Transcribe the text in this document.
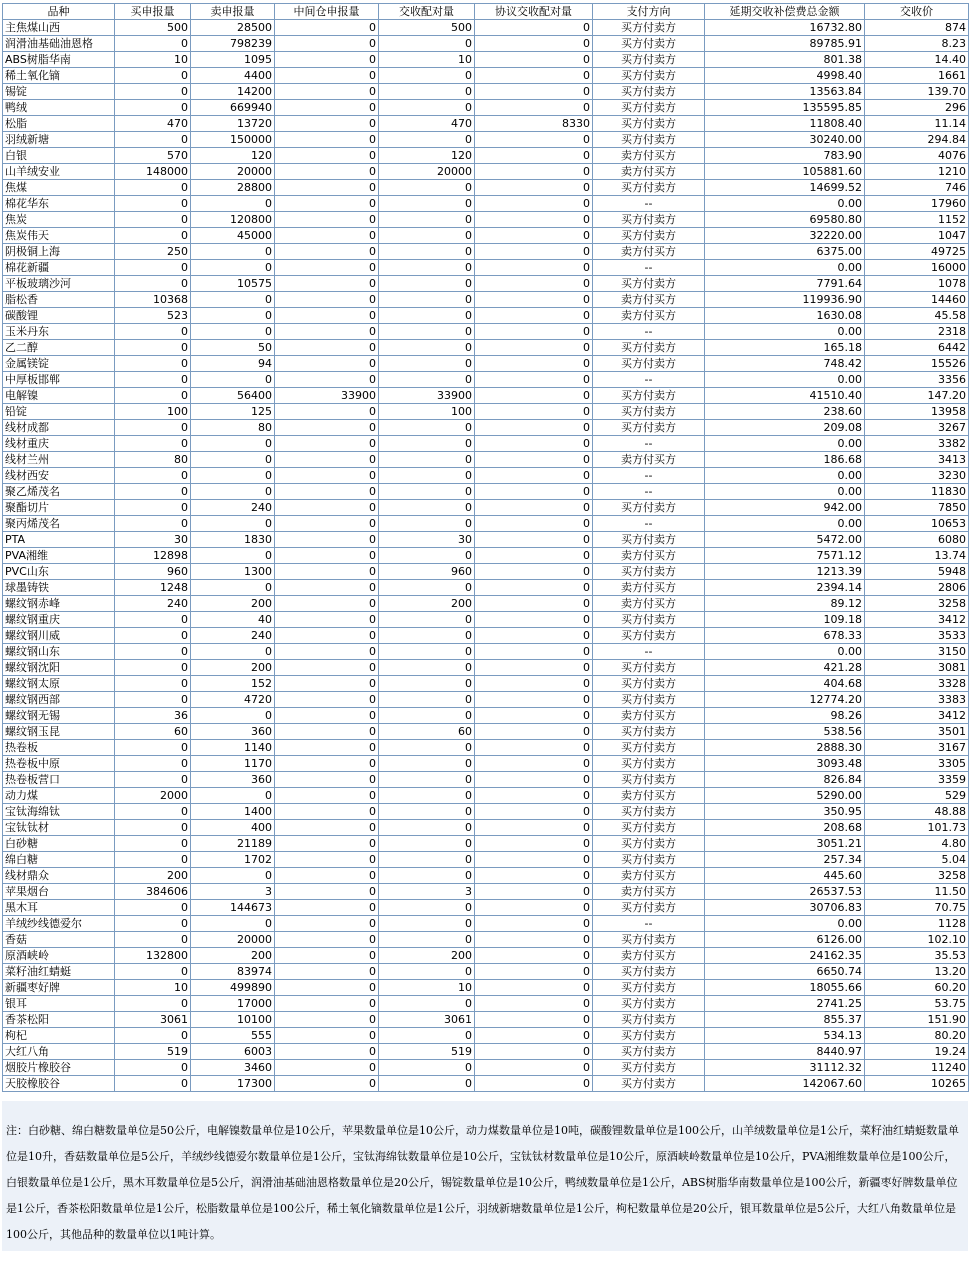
品种	买申报量	卖申报量	中间仓申报量	交收配对量	协议交收配对量	支付方向	延期交收补偿费总金额	交收价
主焦煤山西	500	28500	0	500	0	买方付卖方	16732.80	874
润滑油基础油恩格	0	798239	0	0	0	买方付卖方	89785.91	8.23
ABS树脂华南	10	1095	0	10	0	买方付卖方	801.38	14.40
稀土氧化镝	0	4400	0	0	0	买方付卖方	4998.40	1661
锡锭	0	14200	0	0	0	买方付卖方	13563.84	139.70
鸭绒	0	669940	0	0	0	买方付卖方	135595.85	296
松脂	470	13720	0	470	8330	买方付卖方	11808.40	11.14
羽绒新塘	0	150000	0	0	0	买方付卖方	30240.00	294.84
白银	570	120	0	120	0	卖方付买方	783.90	4076
山羊绒安业	148000	20000	0	20000	0	卖方付买方	105881.60	1210
焦煤	0	28800	0	0	0	买方付卖方	14699.52	746
棉花华东	0	0	0	0	0	--	0.00	17960
焦炭	0	120800	0	0	0	买方付卖方	69580.80	1152
焦炭伟天	0	45000	0	0	0	买方付卖方	32220.00	1047
阴极铜上海	250	0	0	0	0	卖方付买方	6375.00	49725
棉花新疆	0	0	0	0	0	--	0.00	16000
平板玻璃沙河	0	10575	0	0	0	买方付卖方	7791.64	1078
脂松香	10368	0	0	0	0	卖方付买方	119936.90	14460
碳酸锂	523	0	0	0	0	卖方付买方	1630.08	45.58
玉米丹东	0	0	0	0	0	--	0.00	2318
乙二醇	0	50	0	0	0	买方付卖方	165.18	6442
金属镁锭	0	94	0	0	0	买方付卖方	748.42	15526
中厚板邯郸	0	0	0	0	0	--	0.00	3356
电解镍	0	56400	33900	33900	0	买方付卖方	41510.40	147.20
铅锭	100	125	0	100	0	买方付卖方	238.60	13958
线材成都	0	80	0	0	0	买方付卖方	209.08	3267
线材重庆	0	0	0	0	0	--	0.00	3382
线材兰州	80	0	0	0	0	卖方付买方	186.68	3413
线材西安	0	0	0	0	0	--	0.00	3230
聚乙烯茂名	0	0	0	0	0	--	0.00	11830
聚酯切片	0	240	0	0	0	买方付卖方	942.00	7850
聚丙烯茂名	0	0	0	0	0	--	0.00	10653
PTA	30	1830	0	30	0	买方付卖方	5472.00	6080
PVA湘维	12898	0	0	0	0	卖方付买方	7571.12	13.74
PVC山东	960	1300	0	960	0	买方付卖方	1213.39	5948
球墨铸铁	1248	0	0	0	0	卖方付买方	2394.14	2806
螺纹钢赤峰	240	200	0	200	0	卖方付买方	89.12	3258
螺纹钢重庆	0	40	0	0	0	买方付卖方	109.18	3412
螺纹钢川威	0	240	0	0	0	买方付卖方	678.33	3533
螺纹钢山东	0	0	0	0	0	--	0.00	3150
螺纹钢沈阳	0	200	0	0	0	买方付卖方	421.28	3081
螺纹钢太原	0	152	0	0	0	买方付卖方	404.68	3328
螺纹钢西部	0	4720	0	0	0	买方付卖方	12774.20	3383
螺纹钢无锡	36	0	0	0	0	卖方付买方	98.26	3412
螺纹钢玉昆	60	360	0	60	0	买方付卖方	538.56	3501
热卷板	0	1140	0	0	0	买方付卖方	2888.30	3167
热卷板中原	0	1170	0	0	0	买方付卖方	3093.48	3305
热卷板营口	0	360	0	0	0	买方付卖方	826.84	3359
动力煤	2000	0	0	0	0	卖方付买方	5290.00	529
宝钛海绵钛	0	1400	0	0	0	买方付卖方	350.95	48.88
宝钛钛材	0	400	0	0	0	买方付卖方	208.68	101.73
白砂糖	0	21189	0	0	0	买方付卖方	3051.21	4.80
绵白糖	0	1702	0	0	0	买方付卖方	257.34	5.04
线材鼎众	200	0	0	0	0	卖方付买方	445.60	3258
苹果烟台	384606	3	0	3	0	卖方付买方	26537.53	11.50
黑木耳	0	144673	0	0	0	买方付卖方	30706.83	70.75
羊绒纱线德爱尔	0	0	0	0	0	--	0.00	1128
香菇	0	20000	0	0	0	买方付卖方	6126.00	102.10
原酒峡岭	132800	200	0	200	0	卖方付买方	24162.35	35.53
菜籽油红蜻蜓	0	83974	0	0	0	买方付卖方	6650.74	13.20
新疆枣好牌	10	499890	0	10	0	买方付卖方	18055.66	60.20
银耳	0	17000	0	0	0	买方付卖方	2741.25	53.75
香茶松阳	3061	10100	0	3061	0	买方付卖方	855.37	151.90
枸杞	0	555	0	0	0	买方付卖方	534.13	80.20
大红八角	519	6003	0	519	0	买方付卖方	8440.97	19.24
烟胶片橡胶谷	0	3460	0	0	0	买方付卖方	31112.32	11240
天胶橡胶谷	0	17300	0	0	0	买方付卖方	142067.60	10265
注：白砂糖、绵白糖数量单位是50公斤，电解镍数量单位是10公斤，苹果数量单位是10公斤，动力煤数量单位是10吨，碳酸锂数量单位是100公斤，山羊绒数量单位是1公斤，菜籽油红蜻蜓数量单位是10升，香菇数量单位是5公斤，羊绒纱线德爱尔数量单位是1公斤，宝钛海绵钛数量单位是10公斤，宝钛钛材数量单位是10公斤，原酒峡岭数量单位是10公斤，PVA湘维数量单位是100公斤，白银数量单位是1公斤，黑木耳数量单位是5公斤，润滑油基础油恩格数量单位是20公斤，锡锭数量单位是10公斤，鸭绒数量单位是1公斤，ABS树脂华南数量单位是100公斤，新疆枣好牌数量单位是1公斤，香茶松阳数量单位是1公斤，松脂数量单位是100公斤，稀土氧化镝数量单位是1公斤，羽绒新塘数量单位是1公斤，枸杞数量单位是20公斤，银耳数量单位是5公斤，大红八角数量单位是100公斤，其他品种的数量单位以1吨计算。
